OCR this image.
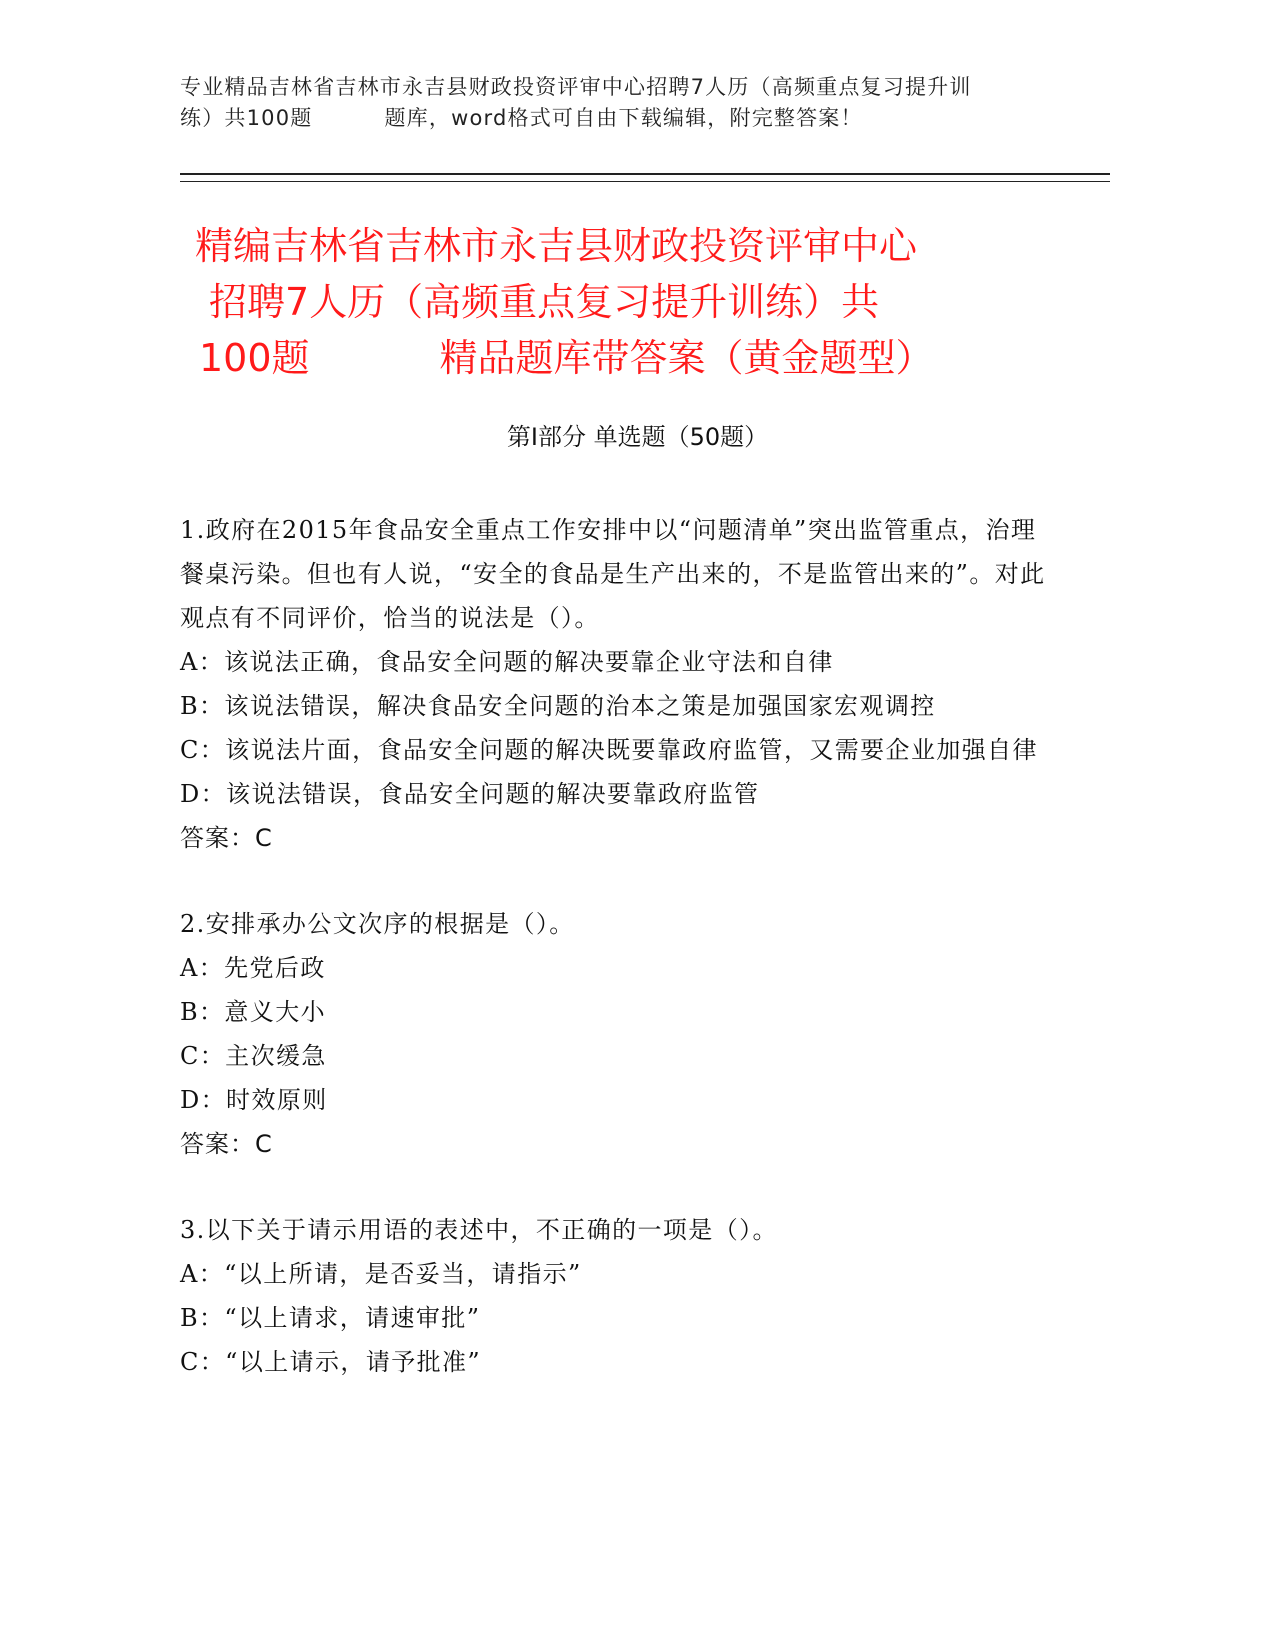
专业精品吉林省吉林市永吉县财政投资评审中心招聘7人历（高频重点复习提升训
练）共100题	题库，word格式可自由下载编辑，附完整答案！
精编吉林省吉林市永吉县财政投资评审中心
招聘7人历（高频重点复习提升训练）共
100题	精品题库带答案（黄金题型）
第Ⅰ部分 单选题（50题）

1.政府在2015年食品安全重点工作安排中以“问题清单”突出监管重点，治理餐桌污染。但也有人说，“安全的食品是生产出来的，不是监管出来的”。对此观点有不同评价，恰当的说法是（）。

A：该说法正确，食品安全问题的解决要靠企业守法和自律

B：该说法错误，解决食品安全问题的治本之策是加强国家宏观调控

C：该说法片面，食品安全问题的解决既要靠政府监管，又需要企业加强自律

D：该说法错误，食品安全问题的解决要靠政府监管

答案：C

2.安排承办公文次序的根据是（）。

A：先党后政

B：意义大小

C：主次缓急

D：时效原则

答案：C

3.以下关于请示用语的表述中，不正确的一项是（）。

A：“以上所请，是否妥当，请指示”

B：“以上请求，请速审批”

C：“以上请示，请予批准”
